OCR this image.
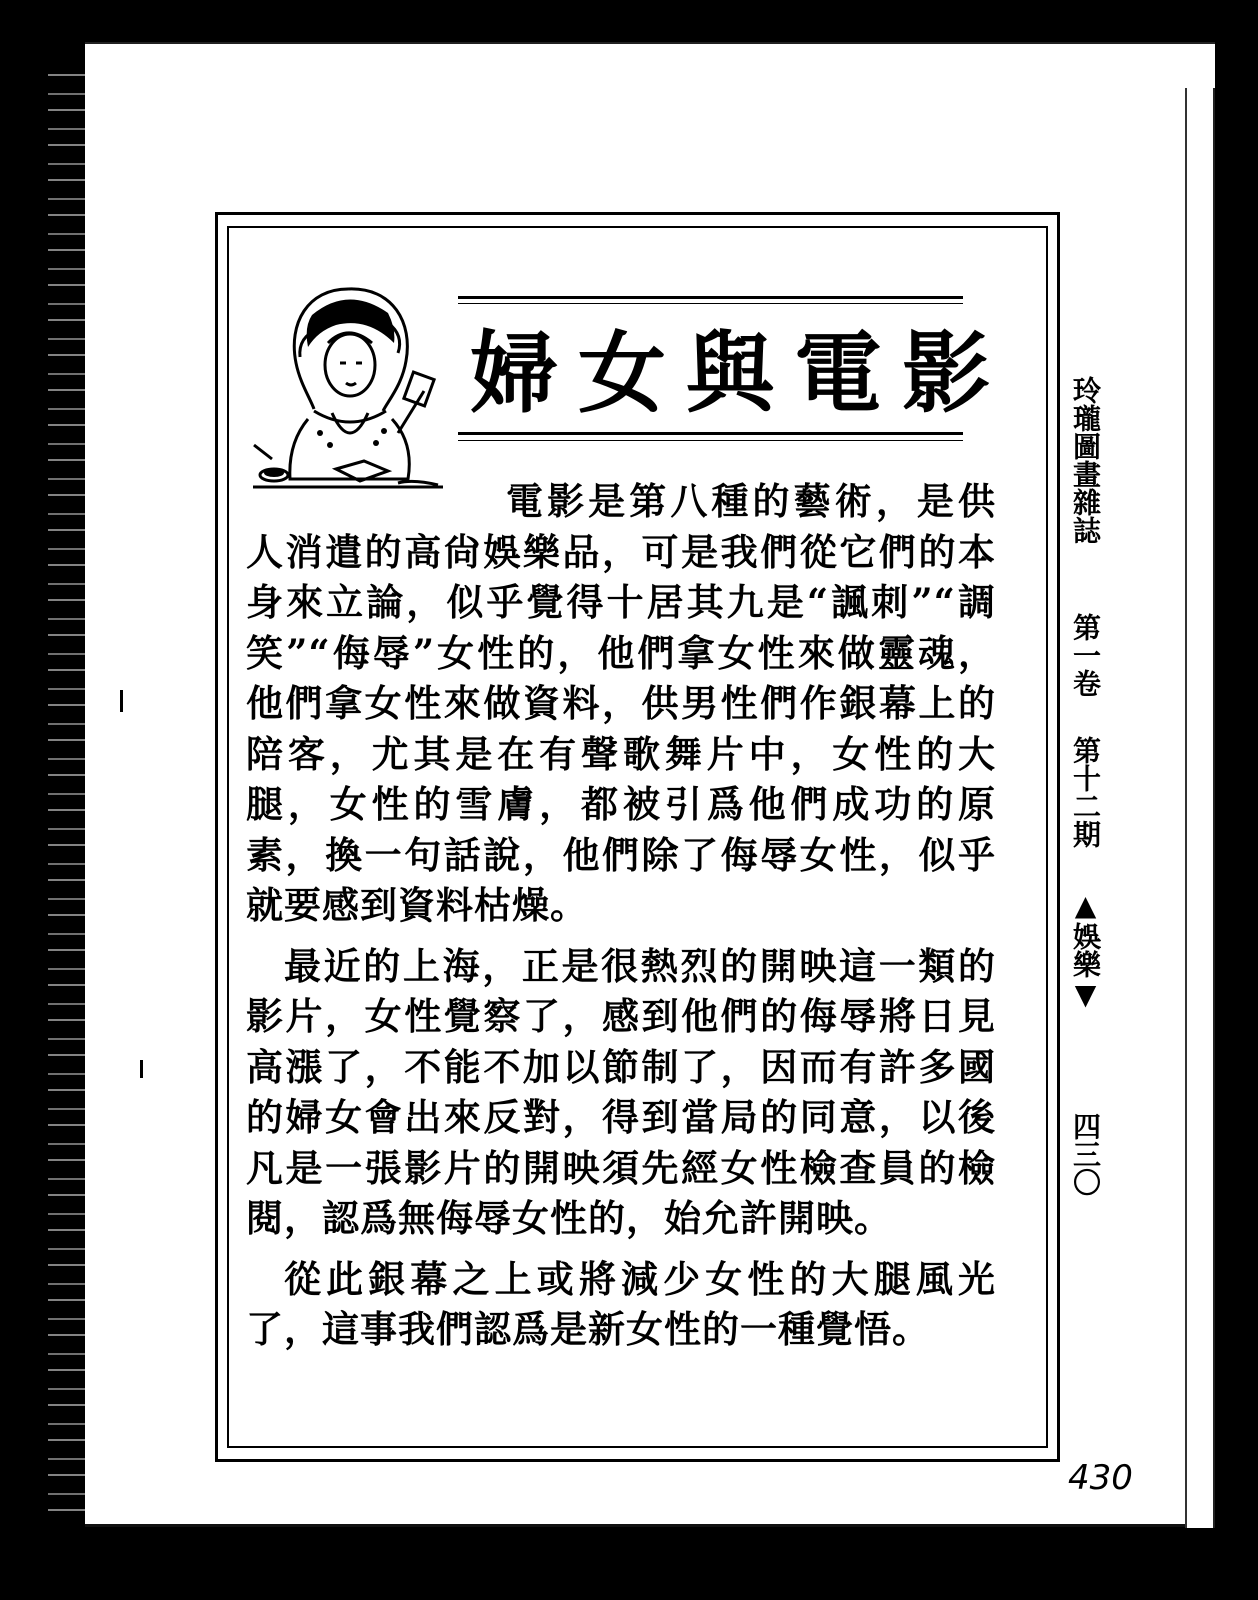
婦女與電影

電影是第八種的藝術，是供人消遣的高尙娛樂品，可是我們從它們的本身來立論，似乎覺得十居其九是“諷刺”“調笑”“侮辱”女性的，他們拿女性來做靈魂，他們拿女性來做資料，供男性們作銀幕上的陪客，尤其是在有聲歌舞片中，女性的大腿，女性的雪膚，都被引爲他們成功的原素，換一句話說，他們除了侮辱女性，似乎就要感到資料枯燥。

最近的上海，正是很熱烈的開映這一類的影片，女性覺察了，感到他們的侮辱將日見高漲了，不能不加以節制了，因而有許多國的婦女會出來反對，得到當局的同意，以後凡是一張影片的開映須先經女性檢查員的檢閱，認爲無侮辱女性的，始允許開映。

從此銀幕之上或將減少女性的大腿風光了，這事我們認爲是新女性的一種覺悟。

玲瓏圖畫雜誌
第一卷
第十二期
▲娛樂▼
四三〇
430
